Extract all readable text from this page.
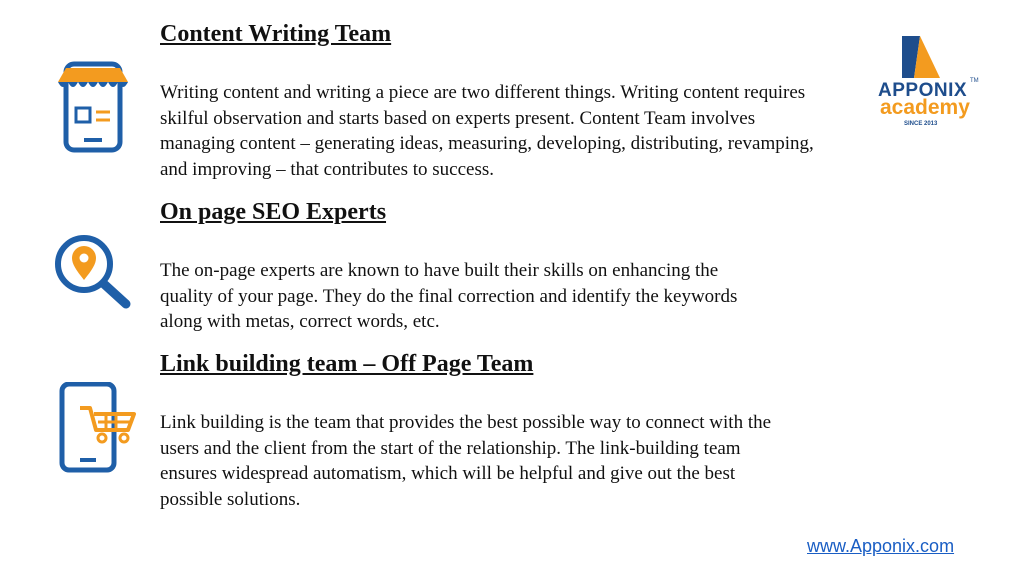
Content Writing Team

Writing content and writing a piece are two different things. Writing content requires skilful observation and starts based on experts present. Content Team involves managing content – generating ideas, measuring, developing, distributing, revamping, and improving – that contributes to success.

On page SEO Experts

The on-page experts are known to have built their skills on enhancing the quality of your page. They do the final correction and identify the keywords along with metas, correct words, etc.

Link building team – Off Page Team

Link building is the team that provides the best possible way to connect with the users and the client from the start of the relationship. The link-building team ensures widespread automatism, which will be helpful and give out the best possible solutions.

APPONIX TM
academy
SINCE 2013
www.Apponix.com
